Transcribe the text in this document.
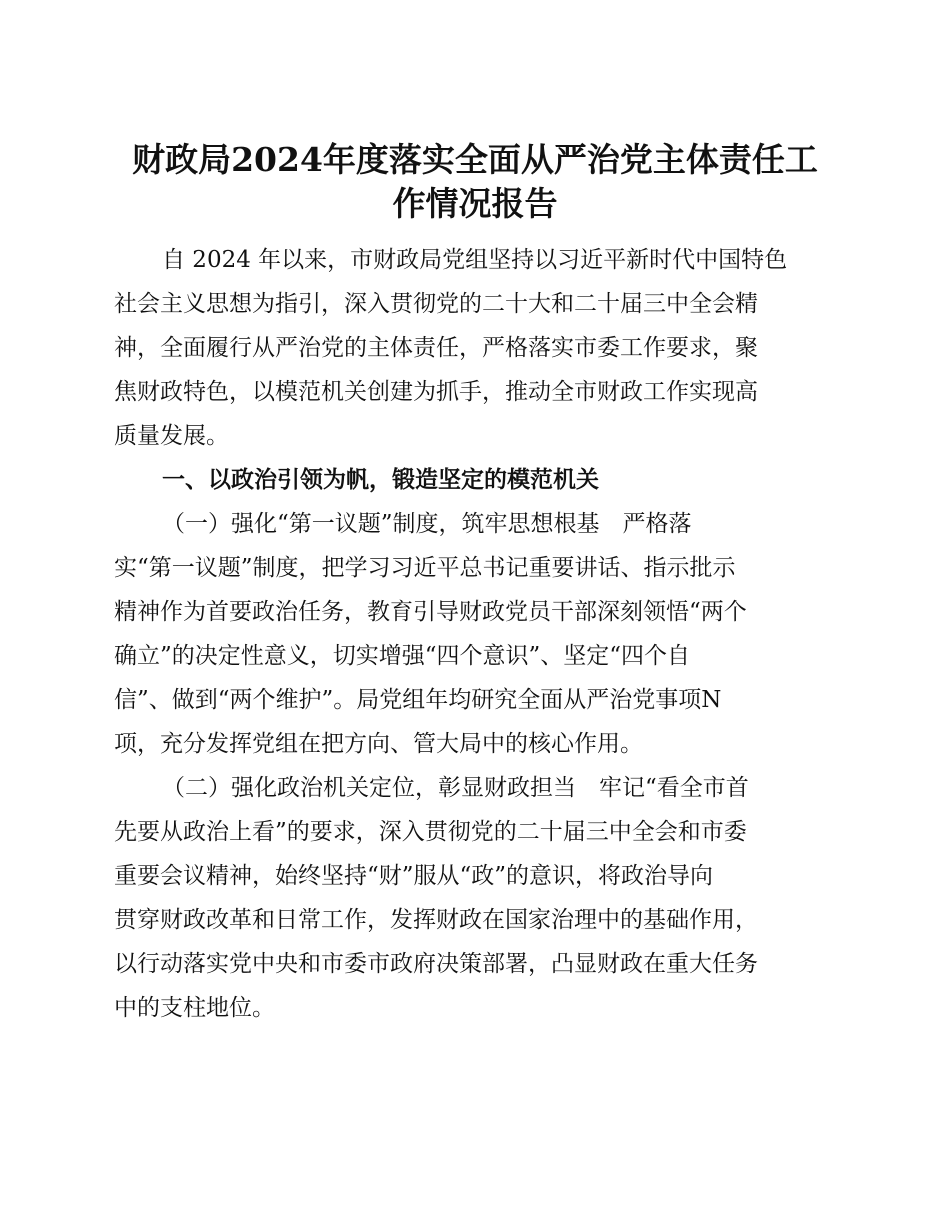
财政局2024年度落实全面从严治党主体责任工
作情况报告
自 2024 年以来，市财政局党组坚持以习近平新时代中国特色
社会主义思想为指引，深入贯彻党的二十大和二十届三中全会精
神，全面履行从严治党的主体责任，严格落实市委工作要求，聚
焦财政特色，以模范机关创建为抓手，推动全市财政工作实现高
质量发展。
一、以政治引领为帆，锻造坚定的模范机关
（一）强化“第一议题”制度，筑牢思想根基　严格落
实“第一议题”制度，把学习习近平总书记重要讲话、指示批示
精神作为首要政治任务，教育引导财政党员干部深刻领悟“两个
确立”的决定性意义，切实增强“四个意识”、坚定“四个自
信”、做到“两个维护”。局党组年均研究全面从严治党事项N
项，充分发挥党组在把方向、管大局中的核心作用。
（二）强化政治机关定位，彰显财政担当　牢记“看全市首
先要从政治上看”的要求，深入贯彻党的二十届三中全会和市委
重要会议精神，始终坚持“财”服从“政”的意识，将政治导向
贯穿财政改革和日常工作，发挥财政在国家治理中的基础作用，
以行动落实党中央和市委市政府决策部署，凸显财政在重大任务
中的支柱地位。
